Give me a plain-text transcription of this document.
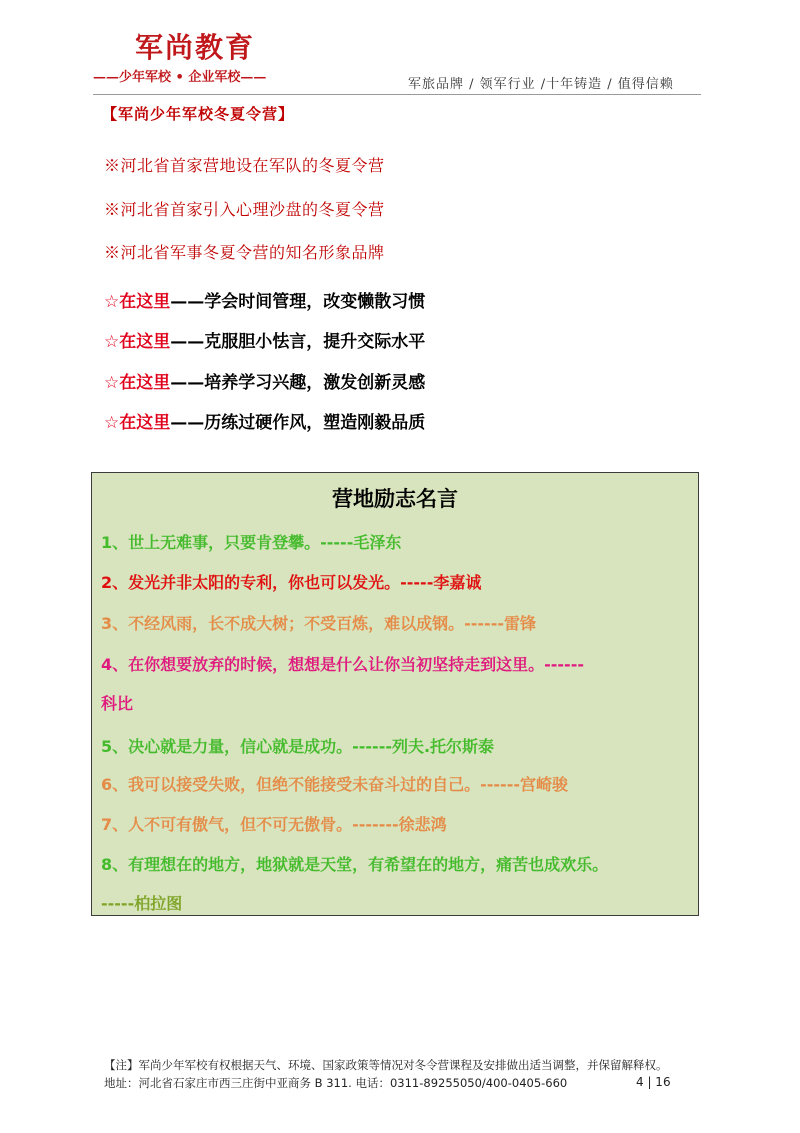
军尚教育
——少年军校 • 企业军校——	军旅品牌 / 领军行业 /十年铸造 / 值得信赖
【军尚少年军校冬夏令营】
※河北省首家营地设在军队的冬夏令营
※河北省首家引入心理沙盘的冬夏令营
※河北省军事冬夏令营的知名形象品牌
☆在这里——学会时间管理，改变懒散习惯
☆在这里——克服胆小怯言，提升交际水平
☆在这里——培养学习兴趣，激发创新灵感
☆在这里——历练过硬作风，塑造刚毅品质
营地励志名言
1、世上无难事，只要肯登攀。-----毛泽东
2、发光并非太阳的专利，你也可以发光。-----李嘉诚
3、不经风雨，长不成大树；不受百炼，难以成钢。------雷锋
4、在你想要放弃的时候，想想是什么让你当初坚持走到这里。------
科比
5、决心就是力量，信心就是成功。------列夫.托尔斯泰
6、我可以接受失败，但绝不能接受未奋斗过的自己。------宫崎骏
7、人不可有傲气，但不可无傲骨。-------徐悲鸿
8、有理想在的地方，地狱就是天堂，有希望在的地方，痛苦也成欢乐。
-----柏拉图
【注】军尚少年军校有权根据天气、环境、国家政策等情况对冬令营课程及安排做出适当调整，并保留解释权。
地址：河北省石家庄市西三庄街中亚商务 B 311. 电话：0311-89255050/400-0405-660	4 | 16
